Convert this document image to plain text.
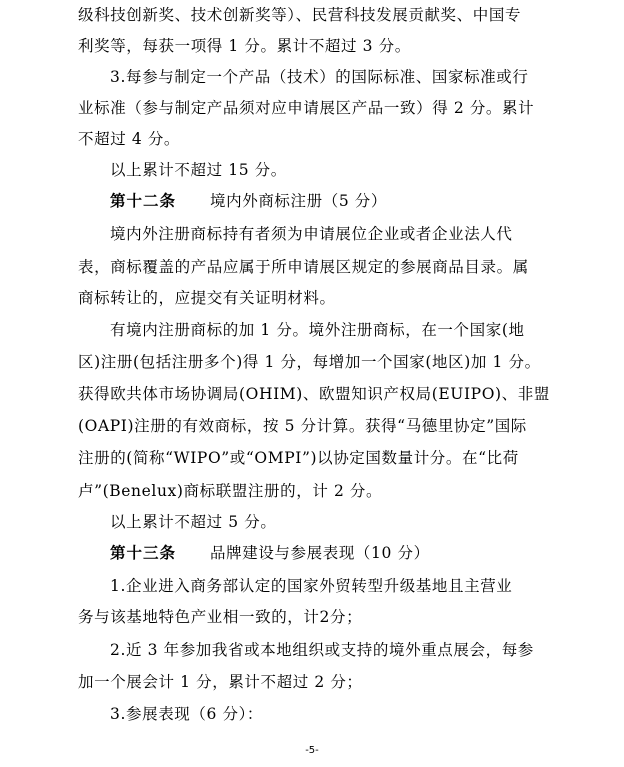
级科技创新奖、技术创新奖等）、民营科技发展贡献奖、中国专
利奖等，每获一项得 1 分。累计不超过 3 分。
3.每参与制定一个产品（技术）的国际标准、国家标准或行
业标准（参与制定产品须对应申请展区产品一致）得 2 分。累计
不超过 4 分。
以上累计不超过 15 分。
第十二条 境内外商标注册（5 分）
境内外注册商标持有者须为申请展位企业或者企业法人代
表，商标覆盖的产品应属于所申请展区规定的参展商品目录。属
商标转让的，应提交有关证明材料。
有境内注册商标的加 1 分。境外注册商标，在一个国家(地
区)注册(包括注册多个)得 1 分，每增加一个国家(地区)加 1 分。
获得欧共体市场协调局(OHIM)、欧盟知识产权局(EUIPO)、非盟
(OAPI)注册的有效商标，按 5 分计算。获得“马德里协定”国际
注册的(简称“WIPO”或“OMPI”)以协定国数量计分。在“比荷
卢”(Benelux)商标联盟注册的，计 2 分。
以上累计不超过 5 分。
第十三条 品牌建设与参展表现（10 分）
1.企业进入商务部认定的国家外贸转型升级基地且主营业
务与该基地特色产业相一致的，计2分；
2.近 3 年参加我省或本地组织或支持的境外重点展会，每参
加一个展会计 1 分，累计不超过 2 分；
3.参展表现（6 分）：
-5-
